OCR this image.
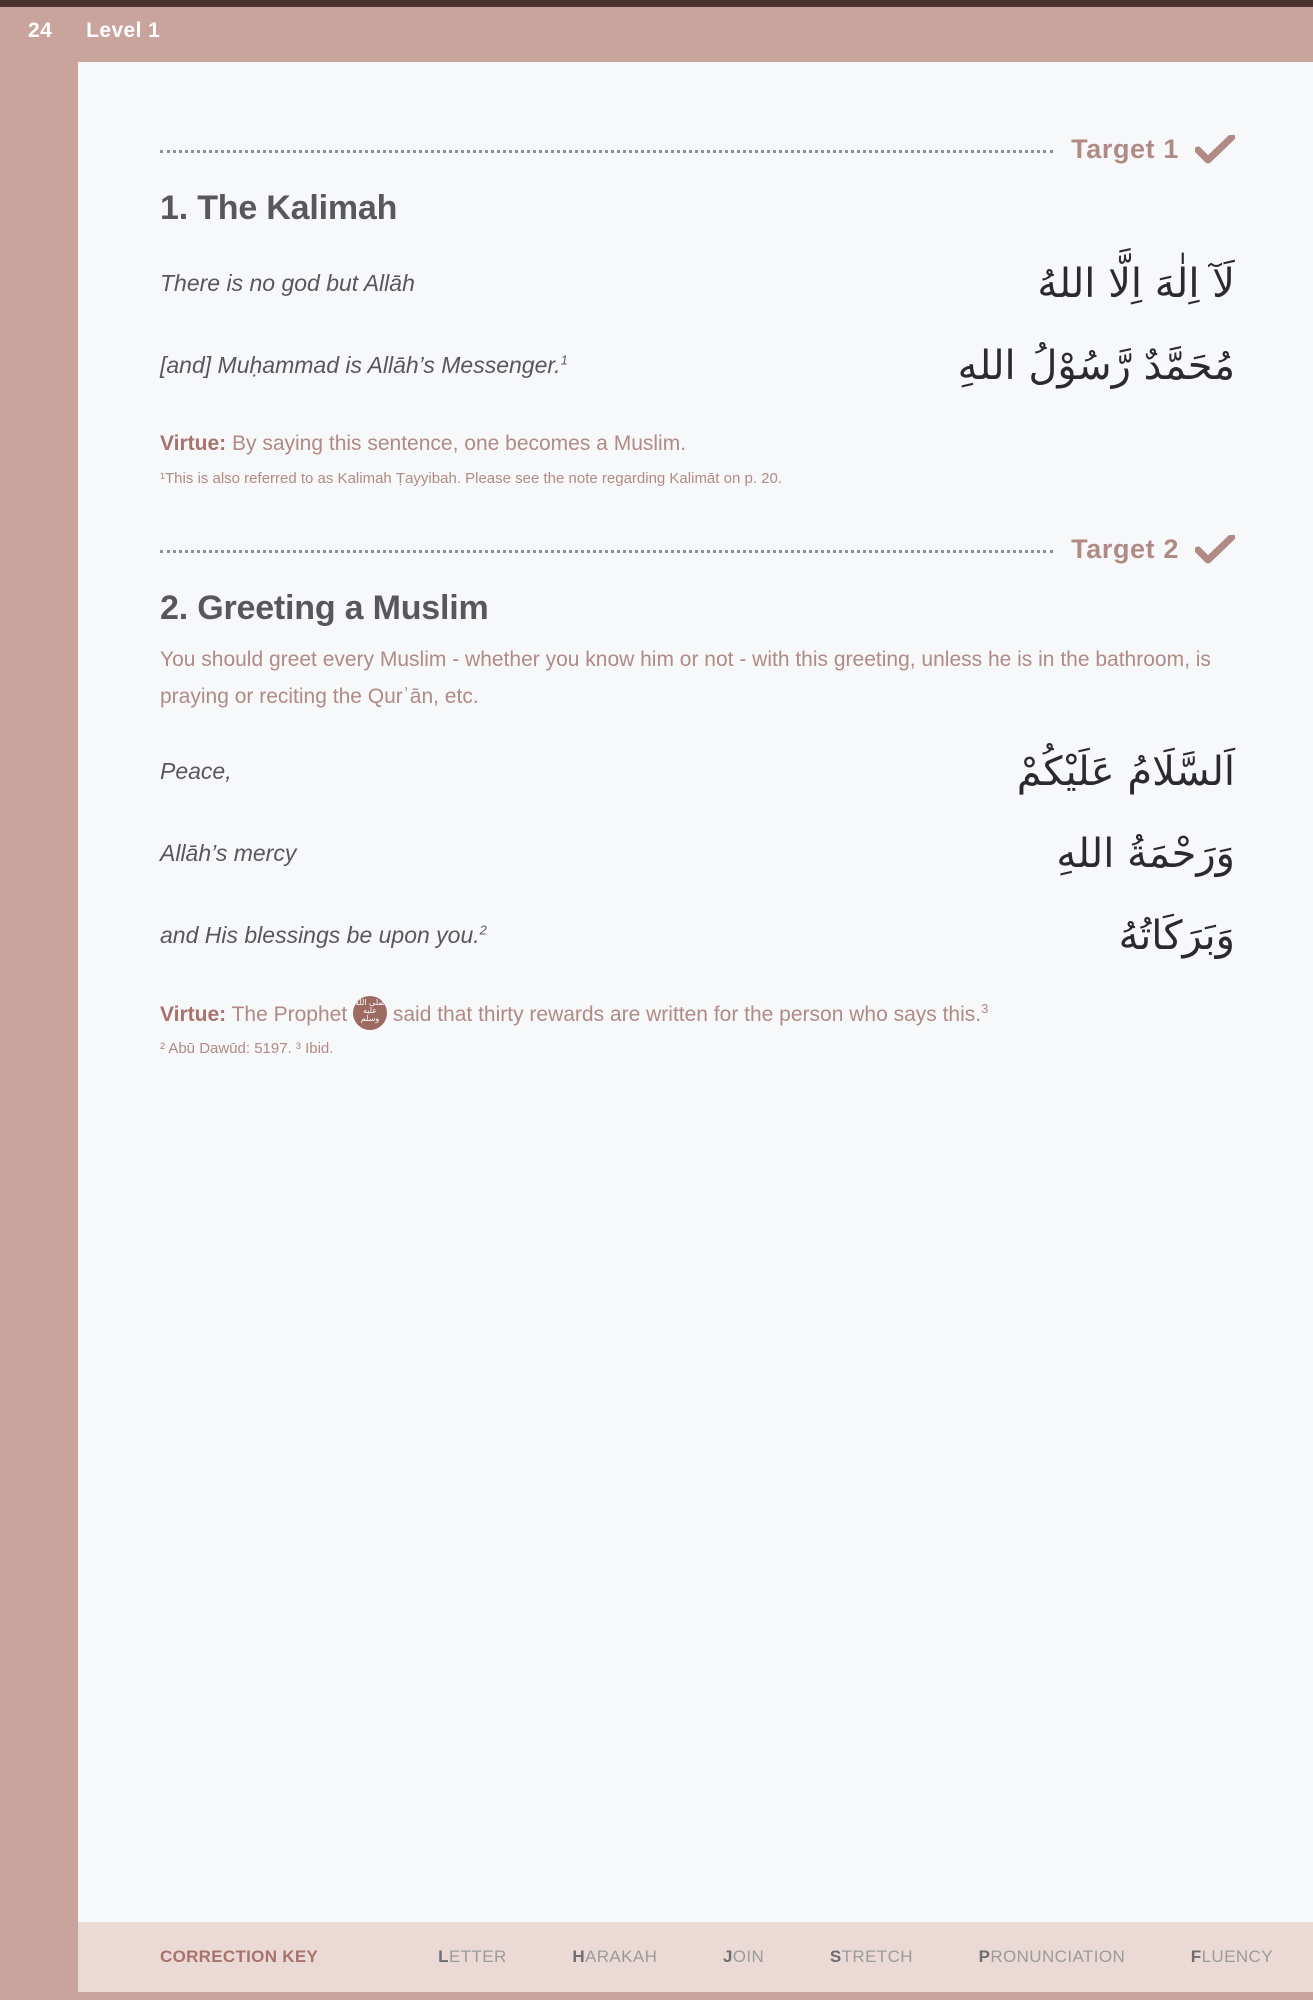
24 Level 1
Target 1
1. The Kalimah
There is no god but Allāh	لَآ اِلٰهَ اِلَّا اللهُ
[and] Muḥammad is Allāh’s Messenger.$^1$	مُحَمَّدٌ رَّسُوْلُ اللهِ
Virtue: By saying this sentence, one becomes a Muslim.
¹This is also referred to as Kalimah Ṭayyibah. Please see the note regarding Kalimāt on p. 20.
Target 2
2. Greeting a Muslim

You should greet every Muslim - whether you know him or not - with this greeting, unless he is in the bathroom, is praying or reciting the Qurʾān, etc.

Peace,	اَلسَّلَامُ عَلَيْكُمْ
Allāh’s mercy	وَرَحْمَةُ اللهِ
and His blessings be upon you.$^2$	وَبَرَكَاتُهُ
Virtue: The Prophet صلى الله عليه وسلم said that thirty rewards are written for the person who says this.$^3$
² Abū Dawūd: 5197. ³ Ibid.
CORRECTION KEY	LETTER	HARAKAH	JOIN	STRETCH	PRONUNCIATION	FLUENCY
